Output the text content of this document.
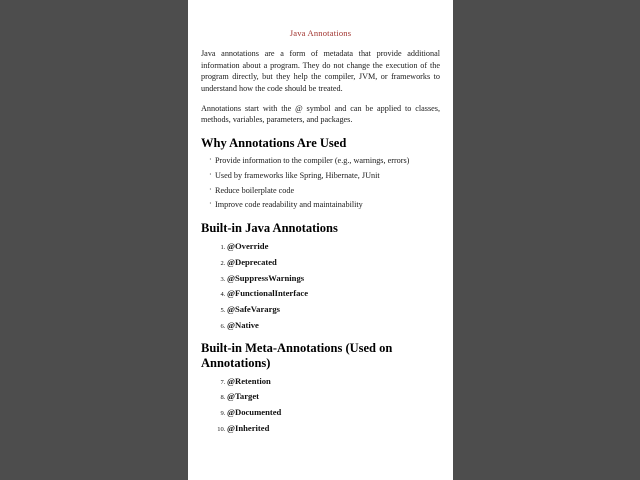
2.
3.
4.
5.
6.
Java Annotations

Java annotations are a form of metadata that provide additional information about a program. They do not change the execution of the program directly, but they help the compiler, JVM, or frameworks to understand how the code should be treated.

Annotations start with the @ symbol and can be applied to classes, methods, variables, parameters, and packages.

Why Annotations Are Used
· Provide information to the compiler (e.g., warnings, errors)
· Used by frameworks like Spring, Hibernate, JUnit
· Reduce boilerplate code
· Improve code readability and maintainability
Built-in Java Annotations
1. @Override
2. @Deprecated
3. @SuppressWarnings
4. @FunctionalInterface
5. @SafeVarargs
6. @Native
Built-in Meta-Annotations (Used on Annotations)
7. @Retention
8. @Target
9. @Documented
10. @Inherited
